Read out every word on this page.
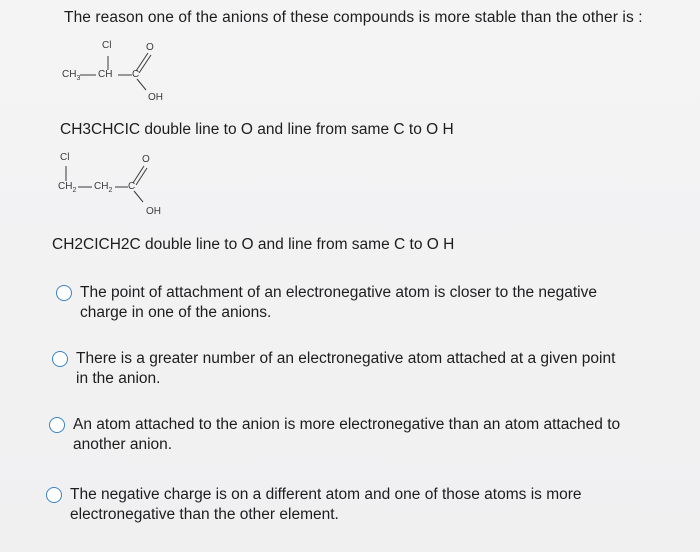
The reason one of the anions of these compounds is more stable than the other is :
Cl	O
$CH_3$ CH C
OH
CH3CHCIC double line to O and line from same C to O H
Cl	O
$CH_2$ $CH_2$ C
OH
CH2CICH2C double line to O and line from same C to O H
The point of attachment of an electronegative atom is closer to the negative
charge in one of the anions.
There is a greater number of an electronegative atom attached at a given point
in the anion.
An atom attached to the anion is more electronegative than an atom attached to
another anion.
The negative charge is on a different atom and one of those atoms is more
electronegative than the other element.
